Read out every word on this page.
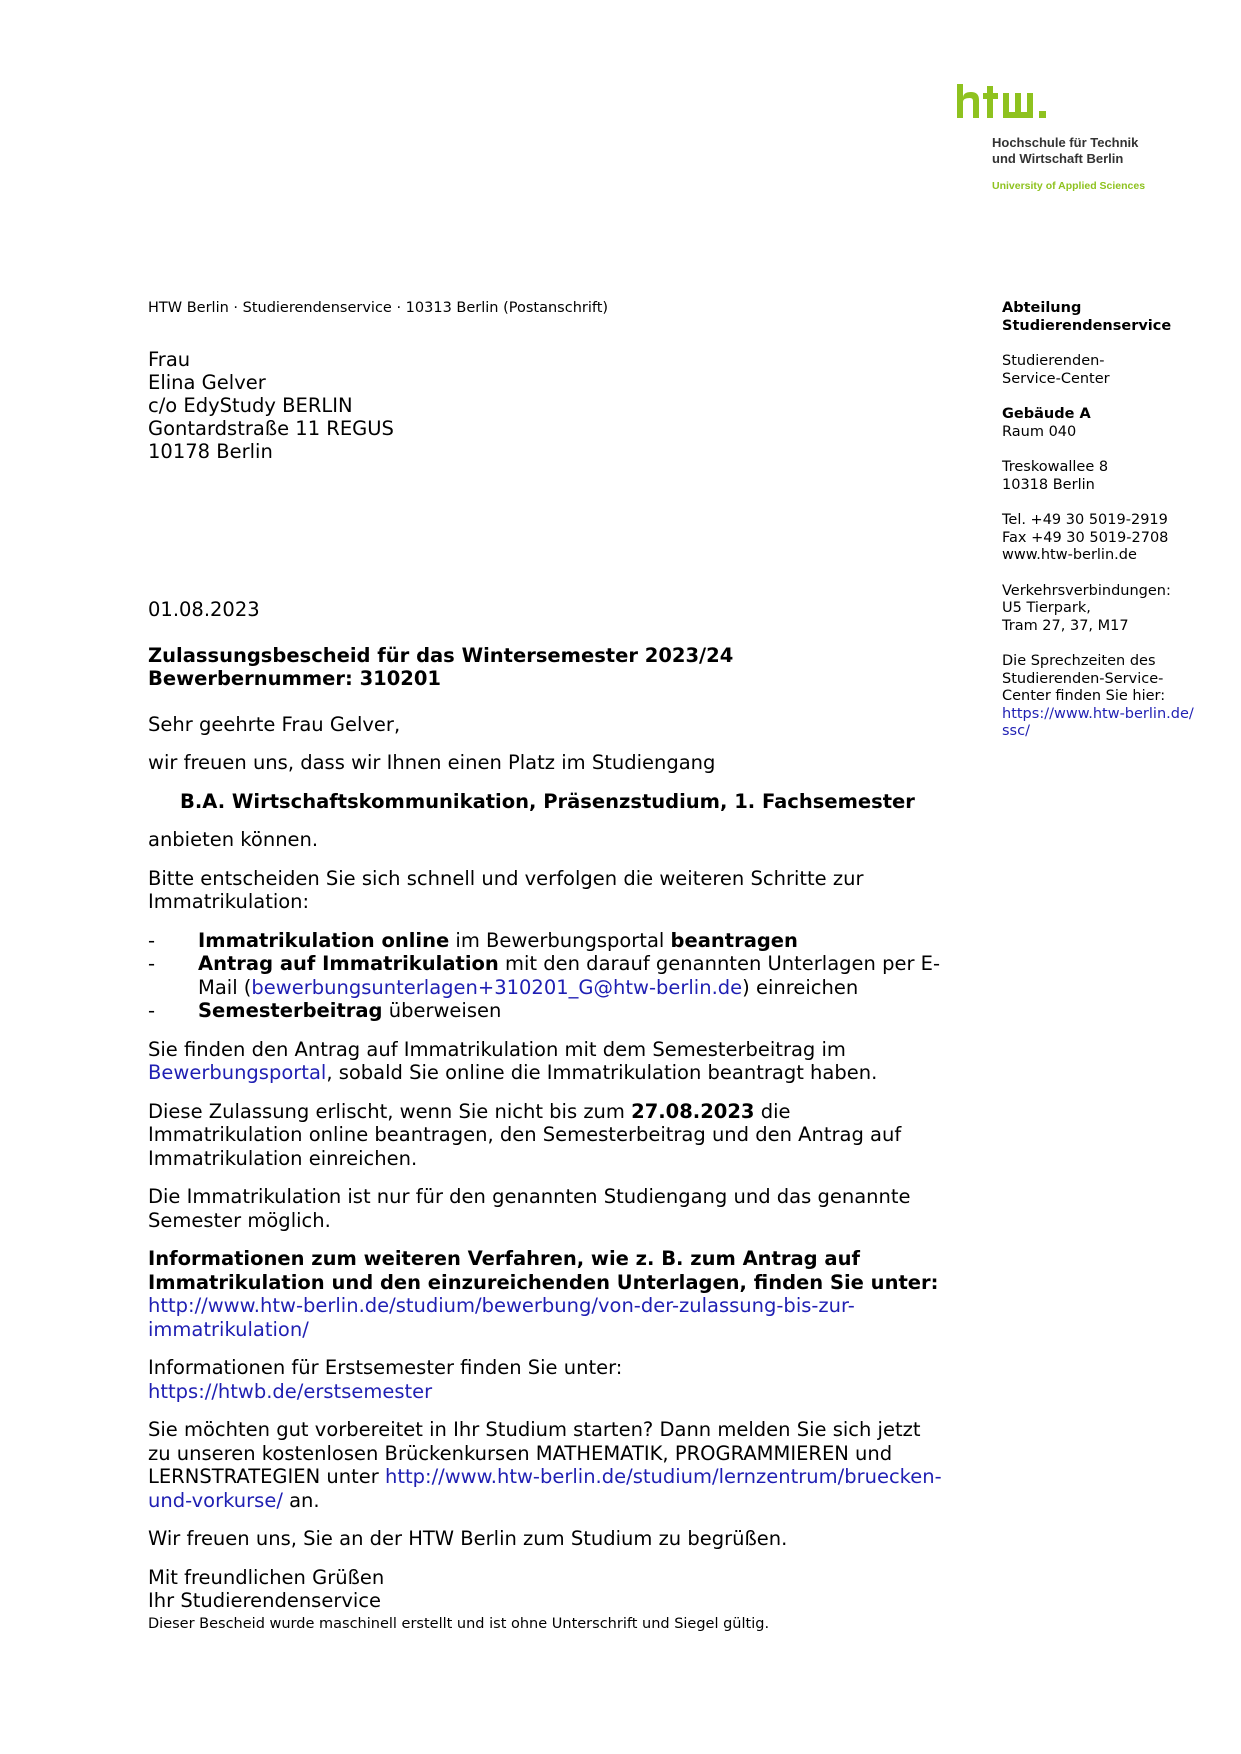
Hochschule für Technik
und Wirtschaft Berlin
University of Applied Sciences
HTW Berlin · Studierendenservice · 10313 Berlin (Postanschrift)
Frau
Elina Gelver
c/o EdyStudy BERLIN
Gontardstraße 11 REGUS
10178 Berlin
Abteilung
Studierendenservice
Studierenden-
Service-Center
Gebäude A
Raum 040
Treskowallee 8
10318 Berlin
Tel. +49 30 5019-2919
Fax +49 30 5019-2708
www.htw-berlin.de
Verkehrsverbindungen:
U5 Tierpark,
Tram 27, 37, M17
Die Sprechzeiten des
Studierenden-Service-
Center finden Sie hier:
https://www.htw-berlin.de/
ssc/

01.08.2023

Zulassungsbescheid für das Wintersemester 2023/24
Bewerbernummer: 310201

Sehr geehrte Frau Gelver,

wir freuen uns, dass wir Ihnen einen Platz im Studiengang

B.A. Wirtschaftskommunikation, Präsenzstudium, 1. Fachsemester

anbieten können.

Bitte entscheiden Sie sich schnell und verfolgen die weiteren Schritte zur Immatrikulation:

- Immatrikulation online im Bewerbungsportal beantragen
- Antrag auf Immatrikulation mit den darauf genannten Unterlagen per E-Mail (bewerbungsunterlagen+310201_G@htw-berlin.de) einreichen
- Semesterbeitrag überweisen

Sie finden den Antrag auf Immatrikulation mit dem Semesterbeitrag im Bewerbungsportal, sobald Sie online die Immatrikulation beantragt haben.

Diese Zulassung erlischt, wenn Sie nicht bis zum 27.08.2023 die Immatrikulation online beantragen, den Semesterbeitrag und den Antrag auf Immatrikulation einreichen.

Die Immatrikulation ist nur für den genannten Studiengang und das genannte Semester möglich.

Informationen zum weiteren Verfahren, wie z. B. zum Antrag auf Immatrikulation und den einzureichenden Unterlagen, finden Sie unter:
http://www.htw-berlin.de/studium/bewerbung/von-der-zulassung-bis-zur-immatrikulation/

Informationen für Erstsemester finden Sie unter:
https://htwb.de/erstsemester

Sie möchten gut vorbereitet in Ihr Studium starten? Dann melden Sie sich jetzt zu unseren kostenlosen Brückenkursen MATHEMATIK, PROGRAMMIEREN und LERNSTRATEGIEN unter http://www.htw-berlin.de/studium/lernzentrum/bruecken-und-vorkurse/ an.

Wir freuen uns, Sie an der HTW Berlin zum Studium zu begrüßen.

Mit freundlichen Grüßen
Ihr Studierendenservice
Dieser Bescheid wurde maschinell erstellt und ist ohne Unterschrift und Siegel gültig.
